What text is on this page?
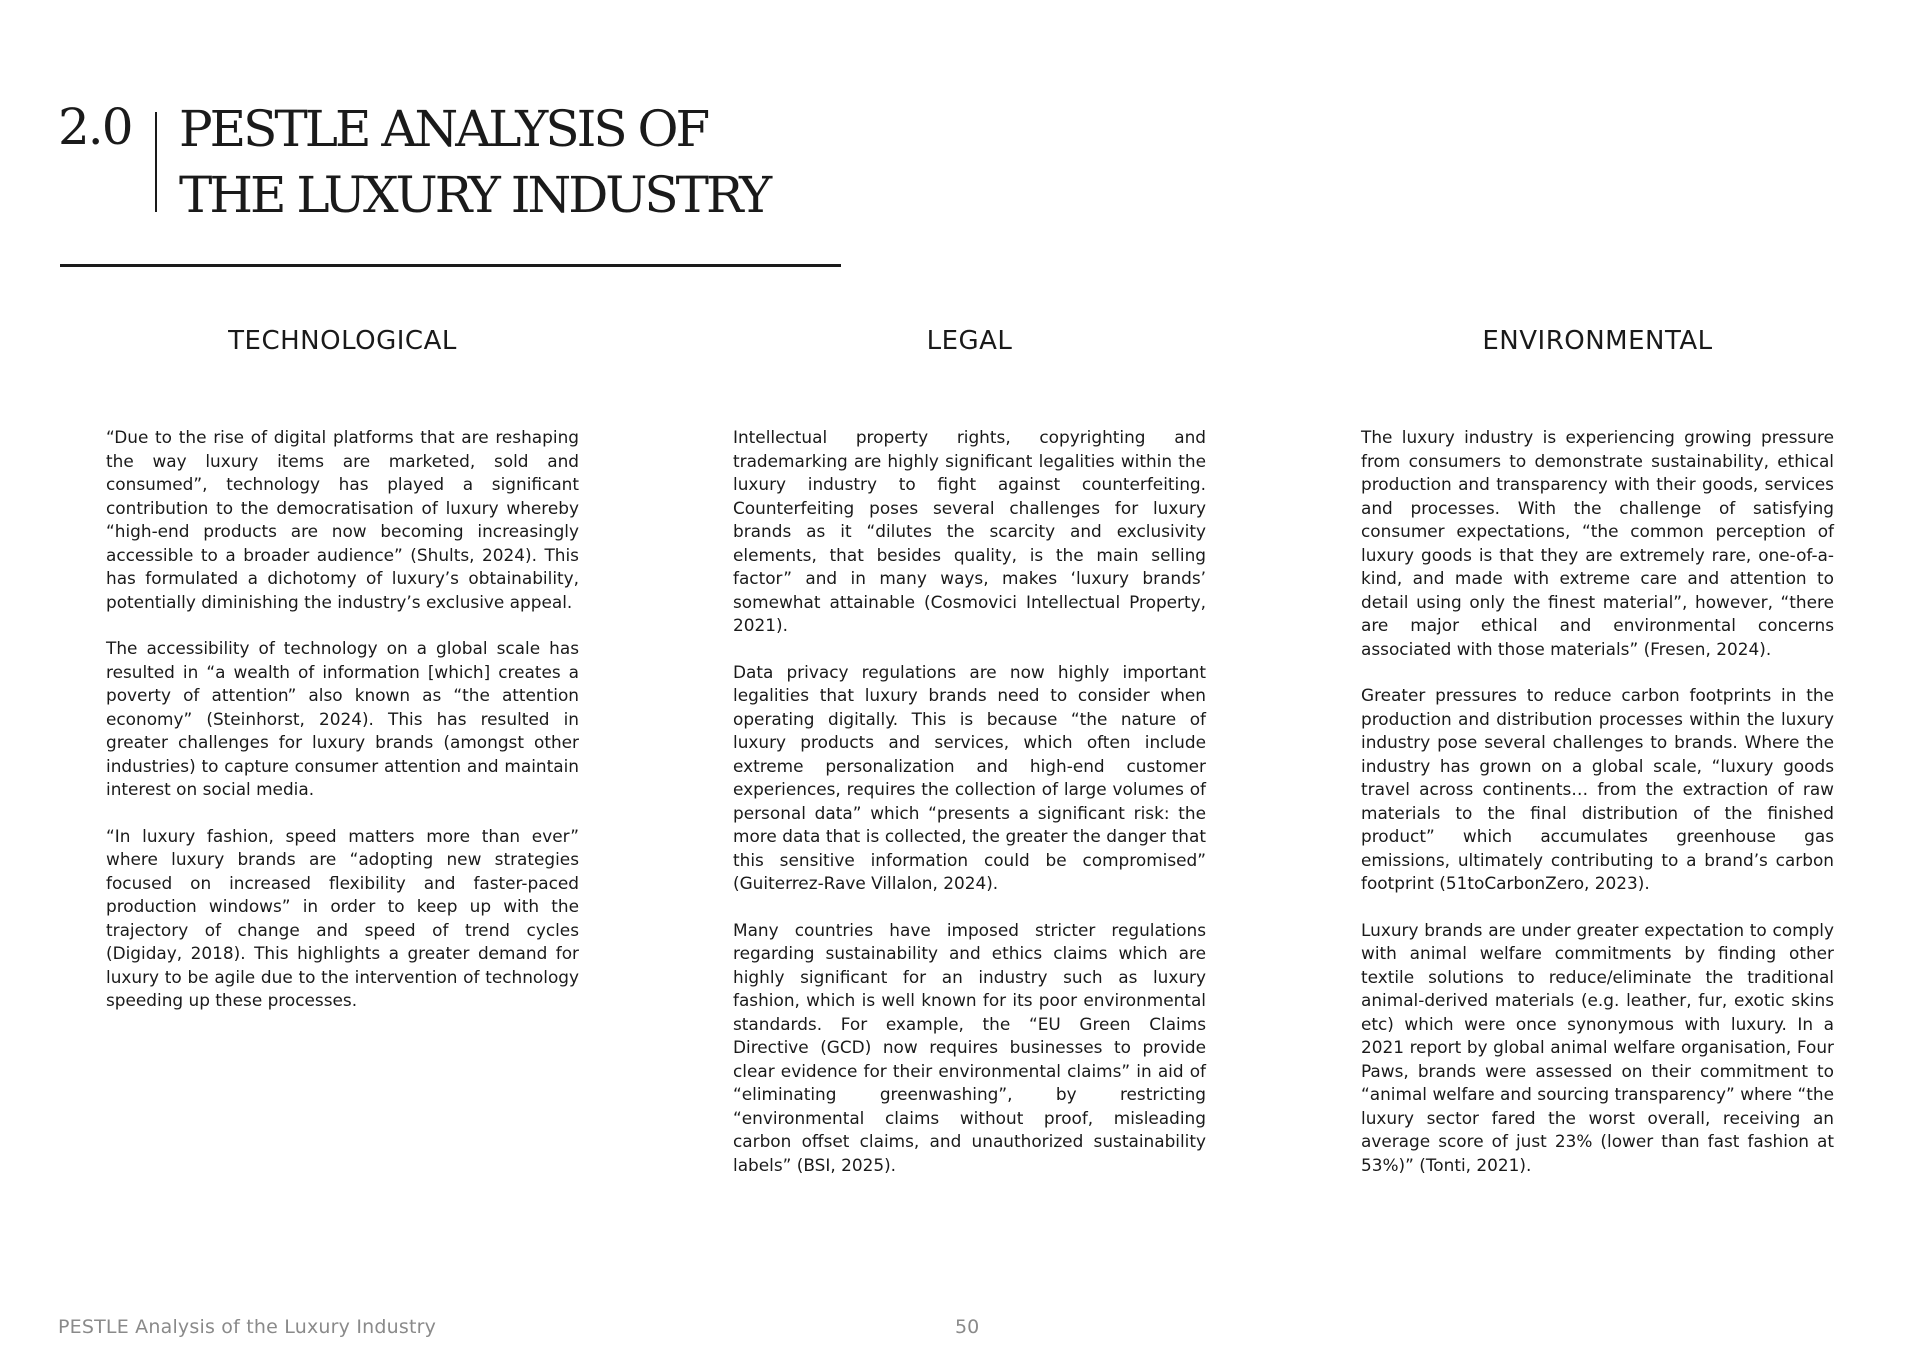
2.0 PESTLE ANALYSIS OF
THE LUXURY INDUSTRY
TECHNOLOGICAL

“Due to the rise of digital platforms that are reshaping the way luxury items are marketed, sold and consumed”, technology has played a significant contribution to the democratisation of luxury whereby “high-end products are now becoming increasingly accessible to a broader audience” (Shults, 2024). This has formulated a dichotomy of luxury’s obtainability, potentially diminishing the industry’s exclusive appeal.

The accessibility of technology on a global scale has resulted in “a wealth of information [which] creates a poverty of attention” also known as “the attention economy” (Steinhorst, 2024). This has resulted in greater challenges for luxury brands (amongst other industries) to capture consumer attention and maintain interest on social media.

“In luxury fashion, speed matters more than ever” where luxury brands are “adopting new strategies focused on increased flexibility and faster-paced production windows” in order to keep up with the trajectory of change and speed of trend cycles (Digiday, 2018). This highlights a greater demand for luxury to be agile due to the intervention of technology speeding up these processes.

LEGAL

Intellectual property rights, copyrighting and trademarking are highly significant legalities within the luxury industry to fight against counterfeiting. Counterfeiting poses several challenges for luxury brands as it “dilutes the scarcity and exclusivity elements, that besides quality, is the main selling factor” and in many ways, makes ‘luxury brands’ somewhat attainable (Cosmovici Intellectual Property, 2021).

Data privacy regulations are now highly important legalities that luxury brands need to consider when operating digitally. This is because “the nature of luxury products and services, which often include extreme personalization and high-end customer experiences, requires the collection of large volumes of personal data” which “presents a significant risk: the more data that is collected, the greater the danger that this sensitive information could be compromised” (Guiterrez-Rave Villalon, 2024).

Many countries have imposed stricter regulations regarding sustainability and ethics claims which are highly significant for an industry such as luxury fashion, which is well known for its poor environmental standards. For example, the “EU Green Claims Directive (GCD) now requires businesses to provide clear evidence for their environmental claims” in aid of “eliminating greenwashing”, by restricting “environmental claims without proof, misleading carbon offset claims, and unauthorized sustainability labels” (BSI, 2025).

ENVIRONMENTAL

The luxury industry is experiencing growing pressure from consumers to demonstrate sustainability, ethical production and transparency with their goods, services and processes. With the challenge of satisfying consumer expectations, “the common perception of luxury goods is that they are extremely rare, one-of-a-kind, and made with extreme care and attention to detail using only the finest material”, however, “there are major ethical and environmental concerns associated with those materials” (Fresen, 2024).

Greater pressures to reduce carbon footprints in the production and distribution processes within the luxury industry pose several challenges to brands. Where the industry has grown on a global scale, “luxury goods travel across continents… from the extraction of raw materials to the final distribution of the finished product” which accumulates greenhouse gas emissions, ultimately contributing to a brand’s carbon footprint (51toCarbonZero, 2023).

Luxury brands are under greater expectation to comply with animal welfare commitments by finding other textile solutions to reduce/eliminate the traditional animal-derived materials (e.g. leather, fur, exotic skins etc) which were once synonymous with luxury. In a 2021 report by global animal welfare organisation, Four Paws, brands were assessed on their commitment to “animal welfare and sourcing transparency” where “the luxury sector fared the worst overall, receiving an average score of just 23% (lower than fast fashion at 53%)” (Tonti, 2021).

PESTLE Analysis of the Luxury Industry	50
